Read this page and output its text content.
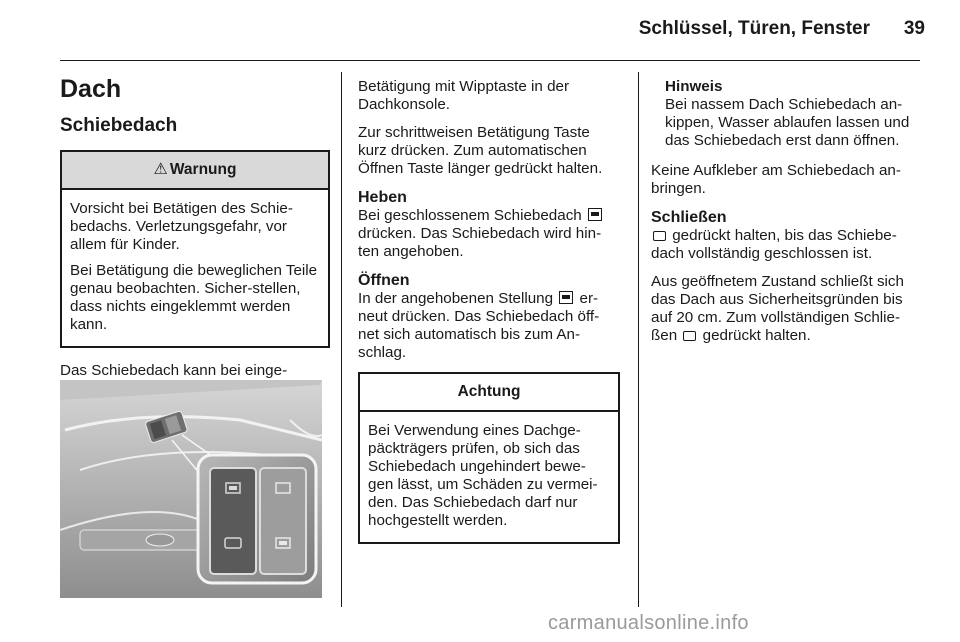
Schlüssel, Türen, Fenster	39
Dach
Schiebedach
⚠ Warnung

Vorsicht bei Betätigen des Schie-bedachs. Verletzungsgefahr, vor allem für Kinder.

Bei Betätigung die beweglichen Teile genau beobachten. Sicher-stellen, dass nichts eingeklemmt werden kann.

Das Schiebedach kann bei einge-

Betätigung mit Wipptaste in der Dachkonsole.

Zur schrittweisen Betätigung Taste kurz drücken. Zum automatischen Öffnen Taste länger gedrückt halten.

Heben

Bei geschlossenem Schiebedach  drücken. Das Schiebedach wird hin-ten angehoben.

Öffnen

In der angehobenen Stellung er-neut drücken. Das Schiebedach öff-net sich automatisch bis zum An-schlag.

Achtung

Bei Verwendung eines Dachge-päckträgers prüfen, ob sich das Schiebedach ungehindert bewe-gen lässt, um Schäden zu vermei-den. Das Schiebedach darf nur hochgestellt werden.

Hinweis
Bei nassem Dach Schiebedach an-kippen, Wasser ablaufen lassen und das Schiebedach erst dann öffnen.

Keine Aufkleber am Schiebedach an-bringen.

Schließen

gedrückt halten, bis das Schiebe-dach vollständig geschlossen ist.

Aus geöffnetem Zustand schließt sich das Dach aus Sicherheitsgründen bis auf 20 cm. Zum vollständigen Schlie-ßen gedrückt halten.

carmanualsonline.info
